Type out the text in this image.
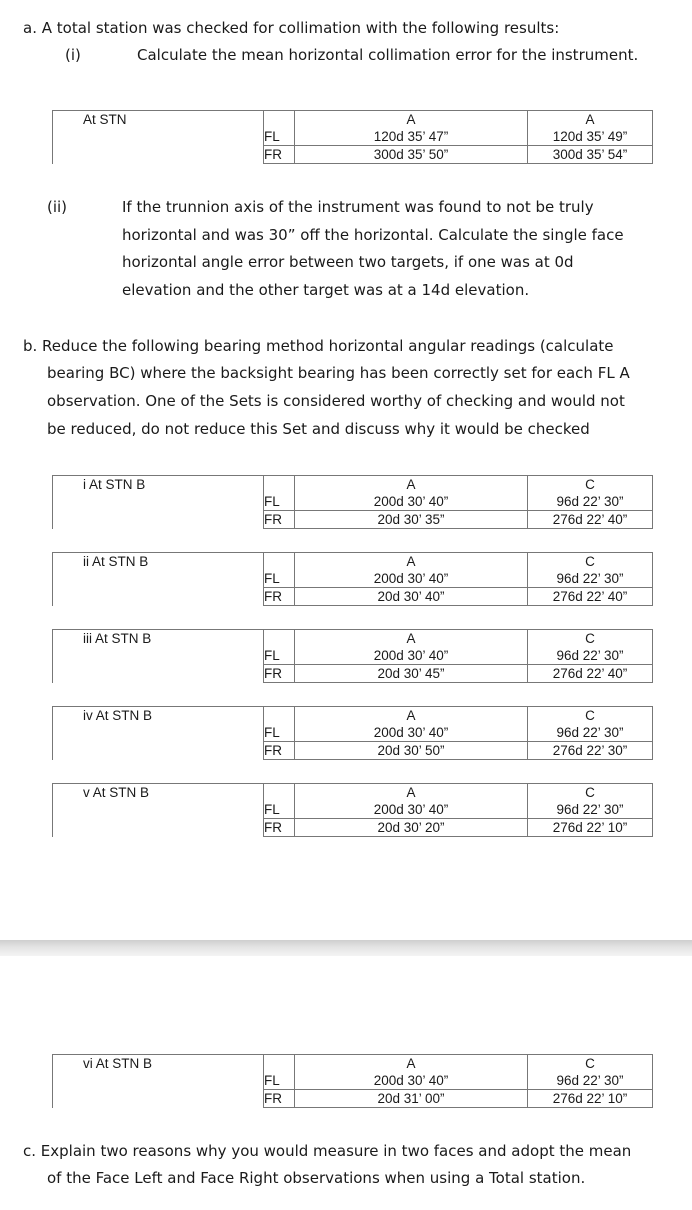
a. A total station was checked for collimation with the following results:
(i)	Calculate the mean horizontal collimation error for the instrument.
At STN		A	A
	FL	120d 35’ 47”	120d 35’ 49”
	FR	300d 35’ 50”	300d 35’ 54”
(ii)	If the trunnion axis of the instrument was found to not be truly
horizontal and was 30” off the horizontal. Calculate the single face
horizontal angle error between two targets, if one was at 0d
elevation and the other target was at a 14d elevation.
b. Reduce the following bearing method horizontal angular readings (calculate
bearing BC) where the backsight bearing has been correctly set for each FL A
observation. One of the Sets is considered worthy of checking and would not
be reduced, do not reduce this Set and discuss why it would be checked
i At STN B		A	C
	FL	200d 30’ 40”	96d 22’ 30”
	FR	20d 30’ 35”	276d 22’ 40”
ii At STN B		A	C
	FL	200d 30’ 40”	96d 22’ 30”
	FR	20d 30’ 40”	276d 22’ 40”
iii At STN B		A	C
	FL	200d 30’ 40”	96d 22’ 30”
	FR	20d 30’ 45”	276d 22’ 40”
iv At STN B		A	C
	FL	200d 30’ 40”	96d 22’ 30”
	FR	20d 30’ 50”	276d 22’ 30”
v At STN B		A	C
	FL	200d 30’ 40”	96d 22’ 30”
	FR	20d 30’ 20”	276d 22’ 10”
vi At STN B		A	C
	FL	200d 30’ 40”	96d 22’ 30”
	FR	20d 31’ 00”	276d 22’ 10”
c. Explain two reasons why you would measure in two faces and adopt the mean
of the Face Left and Face Right observations when using a Total station.
